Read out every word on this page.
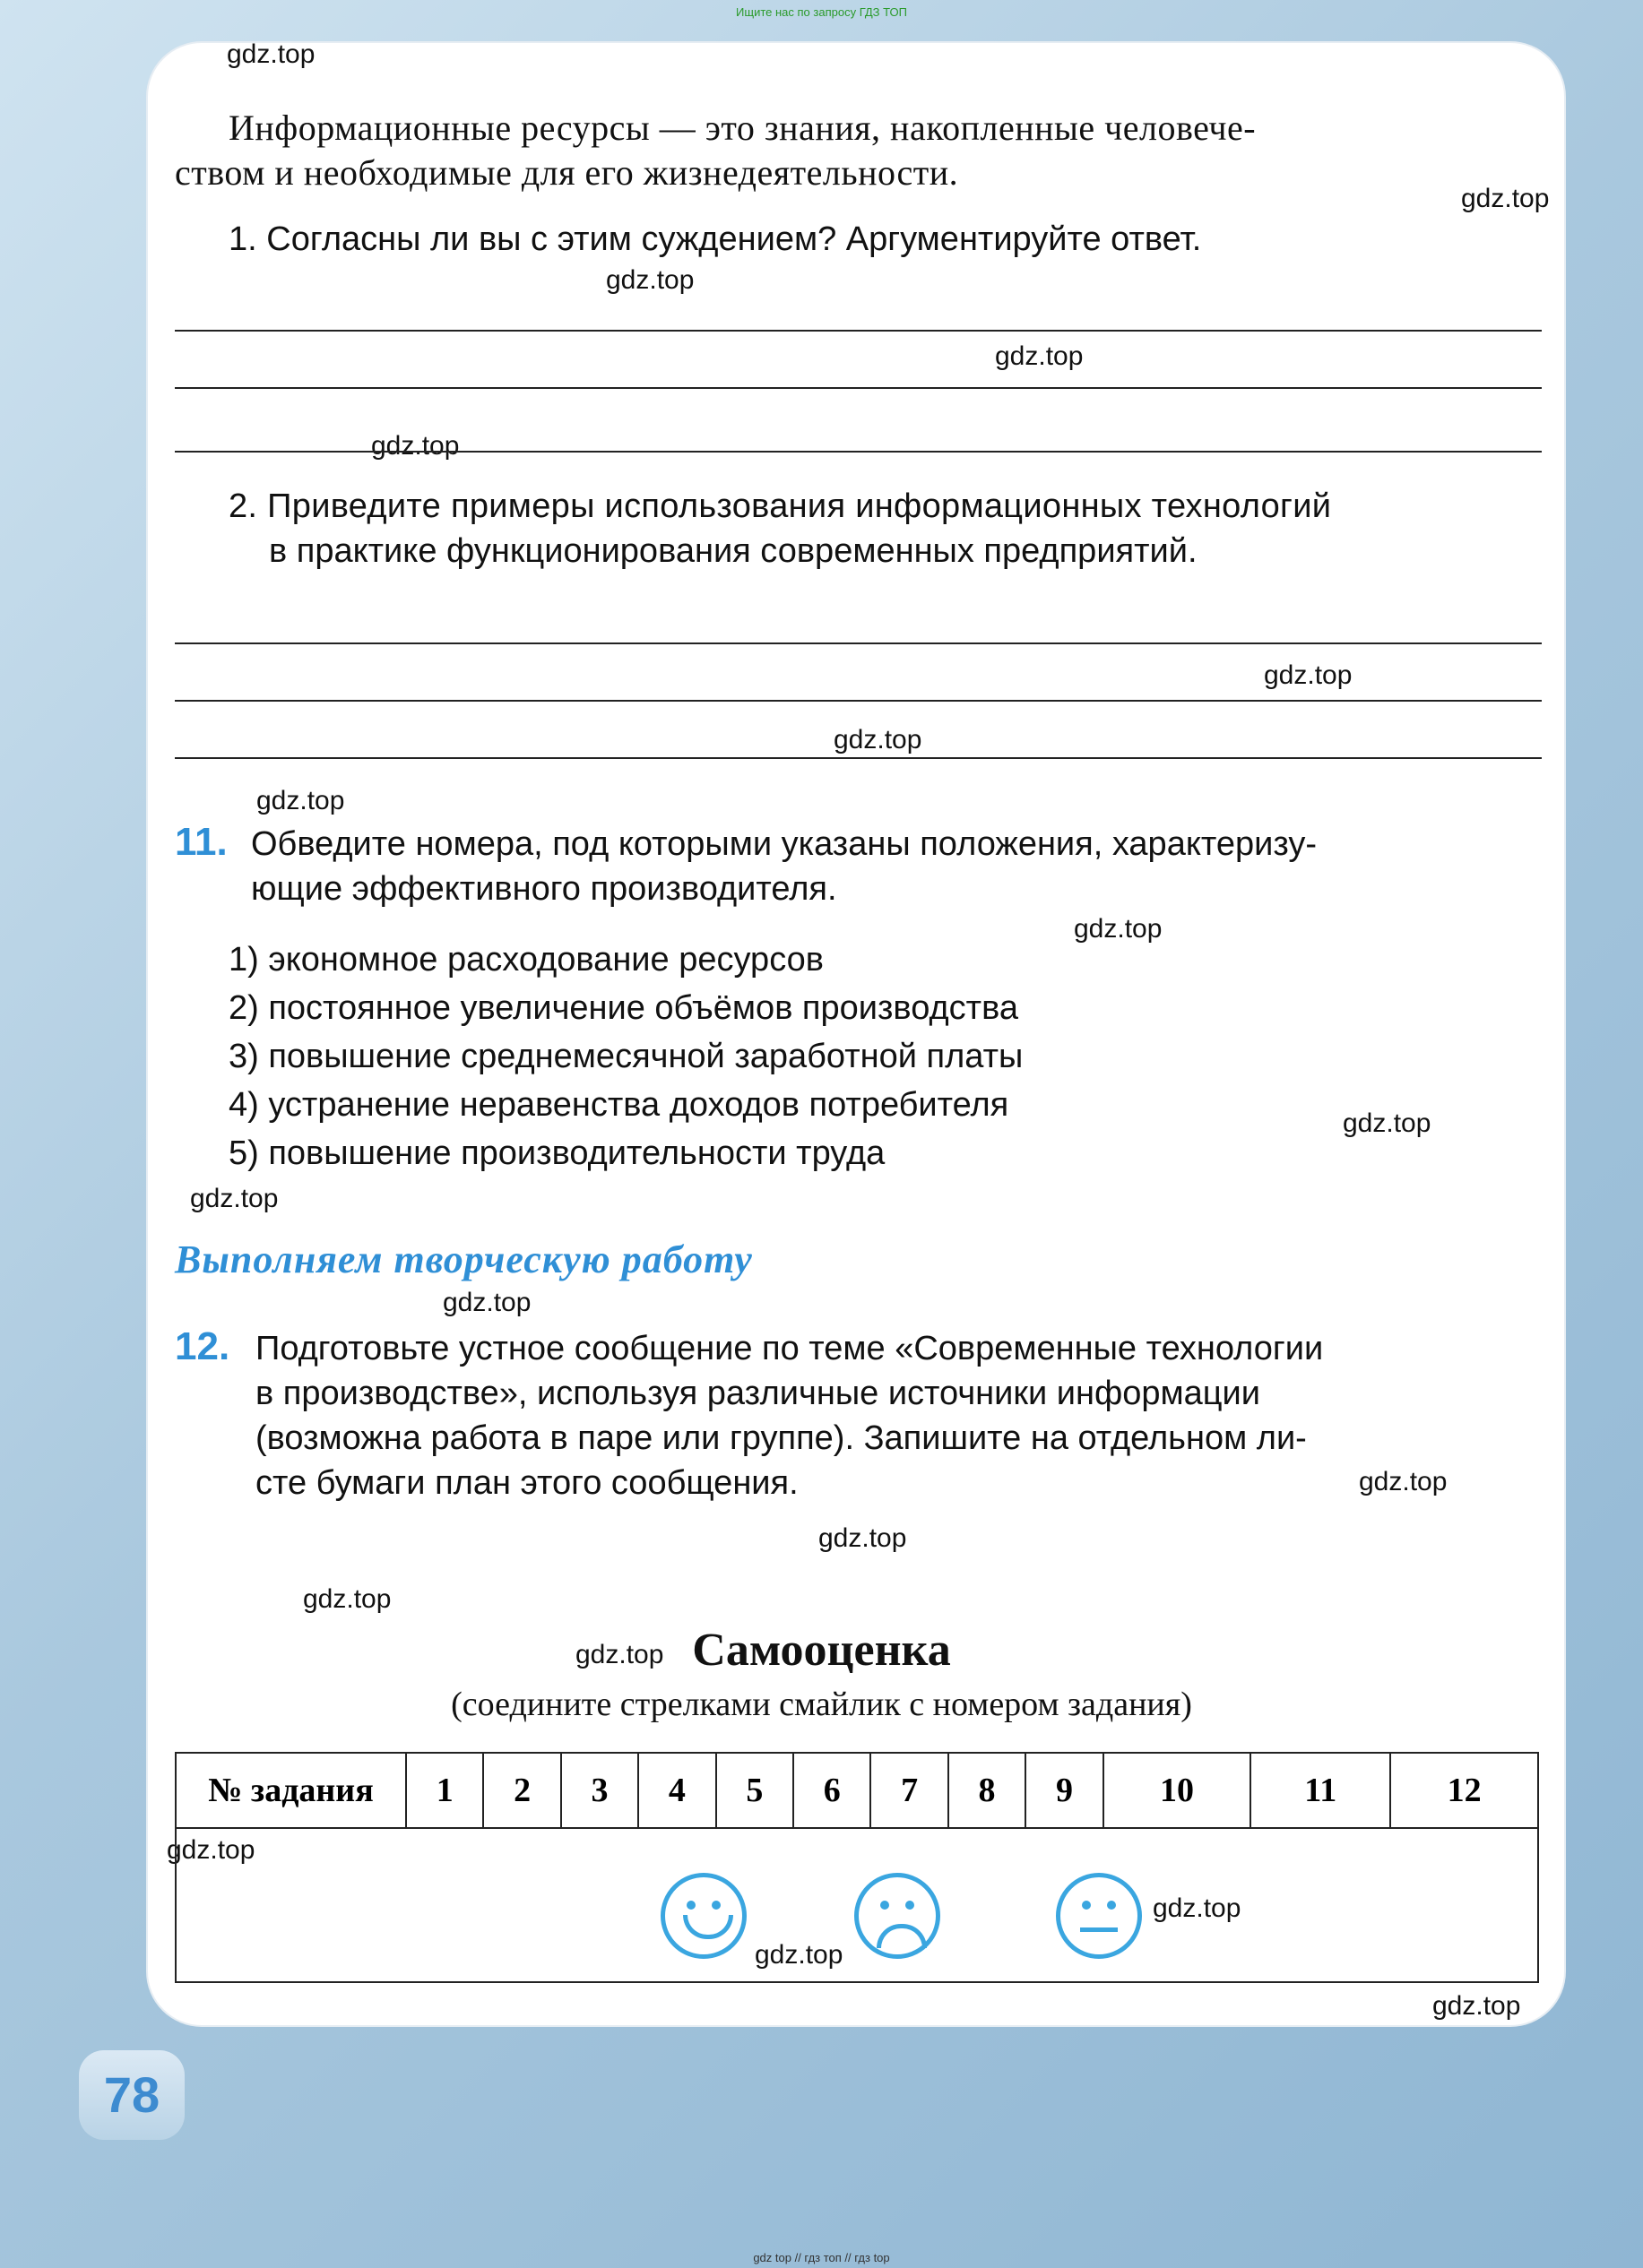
Ищите нас по запросу ГДЗ ТОП
gdz.top
gdz.top
gdz.top
gdz.top
gdz.top
gdz.top
gdz.top
gdz.top
gdz.top
gdz.top
gdz.top
gdz.top
gdz.top
gdz.top
gdz.top
gdz.top
gdz.top
gdz.top
gdz.top
gdz.top
Информационные ресурсы — это знания, накопленные человече-
ством и необходимые для его жизнедеятельности.
1. Согласны ли вы с этим суждением? Аргументируйте ответ.
2. Приведите примеры использования информационных технологий
в практике функционирования современных предприятий.
11. Обведите номера, под которыми указаны положения, характеризу-
ющие эффективного производителя.
1) экономное расходование ресурсов
2) постоянное увеличение объёмов производства
3) повышение среднемесячной заработной платы
4) устранение неравенства доходов потребителя
5) повышение производительности труда
Выполняем творческую работу
12. Подготовьте устное сообщение по теме «Современные технологии
в производстве», используя различные источники информации
(возможна работа в паре или группе). Запишите на отдельном ли-
сте бумаги план этого сообщения.
Самооценка
(соедините стрелками смайлик с номером задания)
№ задания	1	2	3	4	5	6	7	8	9	10	11	12

78
gdz top // гдз топ // гдз top
